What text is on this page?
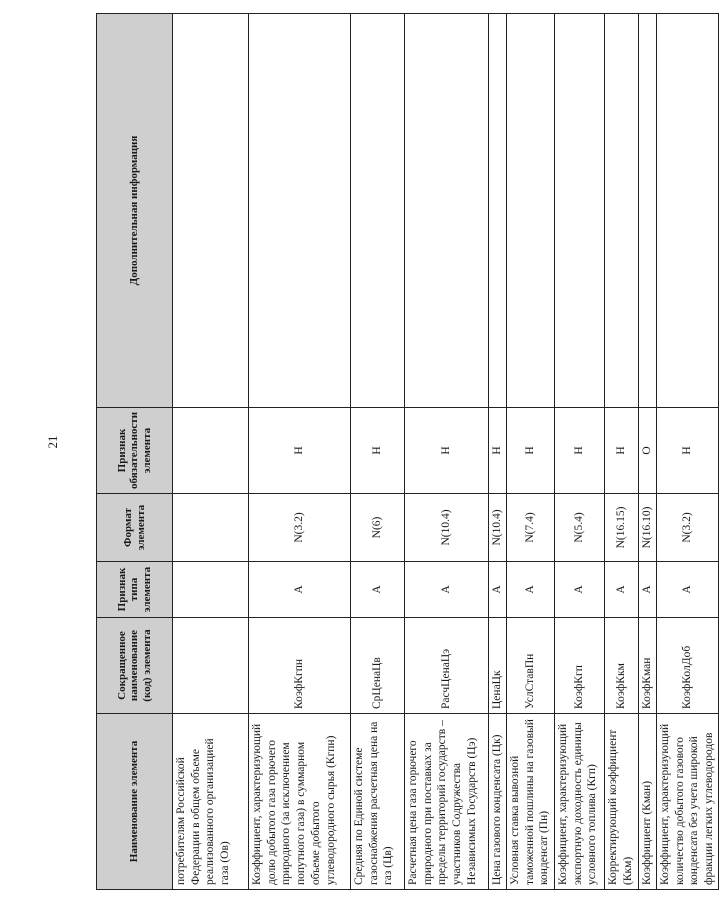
21
Наименование элемента	Сокращенное наименование (код) элемента	Признак типа элемента	Формат элемента	Признак обязательности элемента	Дополнительная информация
потребителям Российской Федерации в общем объеме реализованного организацией газа (Ов)					
Коэффициент, характеризующий долю добытого газа горючего природного (за исключением попутного газа) в суммарном объеме добытого углеводородного сырья (Кгпн)	КоэфКгпн	А	N(3.2)	Н	
Средняя по Единой системе газоснабжения расчетная цена на газ (Цв)	СрЦенаЦв	А	N(6)	Н	
Расчетная цена газа горючего природного при поставках за пределы территорий государств – участников Содружества Независимых Государств (Цэ)	РасчЦенаЦэ	А	N(10.4)	Н	
Цена газового конденсата (Цк)	ЦенаЦк	А	N(10.4)	Н	
Условная ставка вывозной таможенной пошлины на газовый конденсат (Пн)	УслСтавПн	А	N(7.4)	Н	
Коэффициент, характеризующий экспортную доходность единицы условного топлива (Кгп)	КоэфКгп	А	N(5.4)	Н	
Корректирующий коэффициент (Ккм)	КоэфКкм	А	N(16.15)	Н	
Коэффициент (Кман)	КоэфКман	А	N(16.10)	О	
Коэффициент, характеризующий количество добытого газового конденсата без учета широкой фракции легких углеводородов	КоэфКолДоб	А	N(3.2)	Н	
